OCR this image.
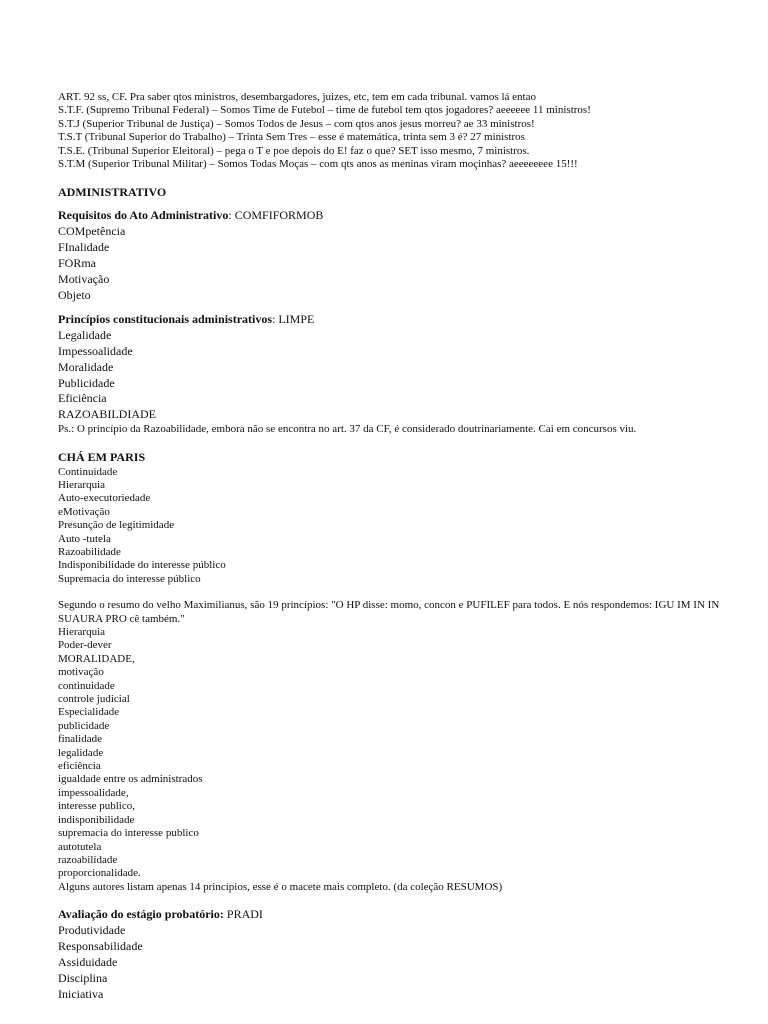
ART. 92 ss, CF. Pra saber qtos ministros, desembargadores, juizes, etc, tem em cada tribunal. vamos lá entao
S.T.F. (Supremo Tribunal Federal) – Somos Time de Futebol – time de futebol tem qtos jogadores? aeeeeee 11 ministros!
S.T.J (Superior Tribunal de Justiça) – Somos Todos de Jesus – com qtos anos jesus morreu? ae 33 ministros!
T.S.T (Tribunal Superior do Trabalho) – Trinta Sem Tres – esse é matemática, trinta sem 3 é? 27 ministros
T.S.E. (Tribunal Superior Eleitoral) – pega o T e poe depois do E! faz o que? SET isso mesmo, 7 ministros.
S.T.M (Superior Tribunal Militar) – Somos Todas Moças – com qts anos as meninas viram moçinhas? aeeeeeeee 15!!!
ADMINISTRATIVO
Requisitos do Ato Administrativo: COMFIFORMOB
COMpetência
FInalidade
FORma
Motivação
Objeto
Princípios constitucionais administrativos: LIMPE
Legalidade
Impessoalidade
Moralidade
Publicidade
Eficiência
RAZOABILDIADE
Ps.: O princípio da Razoabilidade, embora não se encontra no art. 37 da CF, é considerado doutrinariamente. Cai em concursos viu.
CHÁ EM PARIS
Continuidade
Hierarquia
Auto-executoriedade
eMotivação
Presunção de legitimidade
Auto -tutela
Razoabilidade
Indisponibilidade do interesse público
Supremacia do interesse público
Segundo o resumo do velho Maximilianus, são 19 princípios: "O HP disse: momo, concon e PUFILEF para todos. E nós respondemos: IGU IM IN IN SUAURA PRO cê também."
Hierarquia
Poder-dever
MORALIDADE,
motivação
continuidade
controle judicial
Especialidade
publicidade
finalidade
legalidade
eficiência
igualdade entre os administrados
impessoalidade,
interesse publico,
indisponibilidade
supremacia do interesse publico
autotutela
razoabilidade
proporcionalidade.
Alguns autores listam apenas 14 princípios, esse é o macete mais completo. (da coleção RESUMOS)
Avaliação do estágio probatório: PRADI
Produtividade
Responsabilidade
Assiduidade
Disciplina
Iniciativa
